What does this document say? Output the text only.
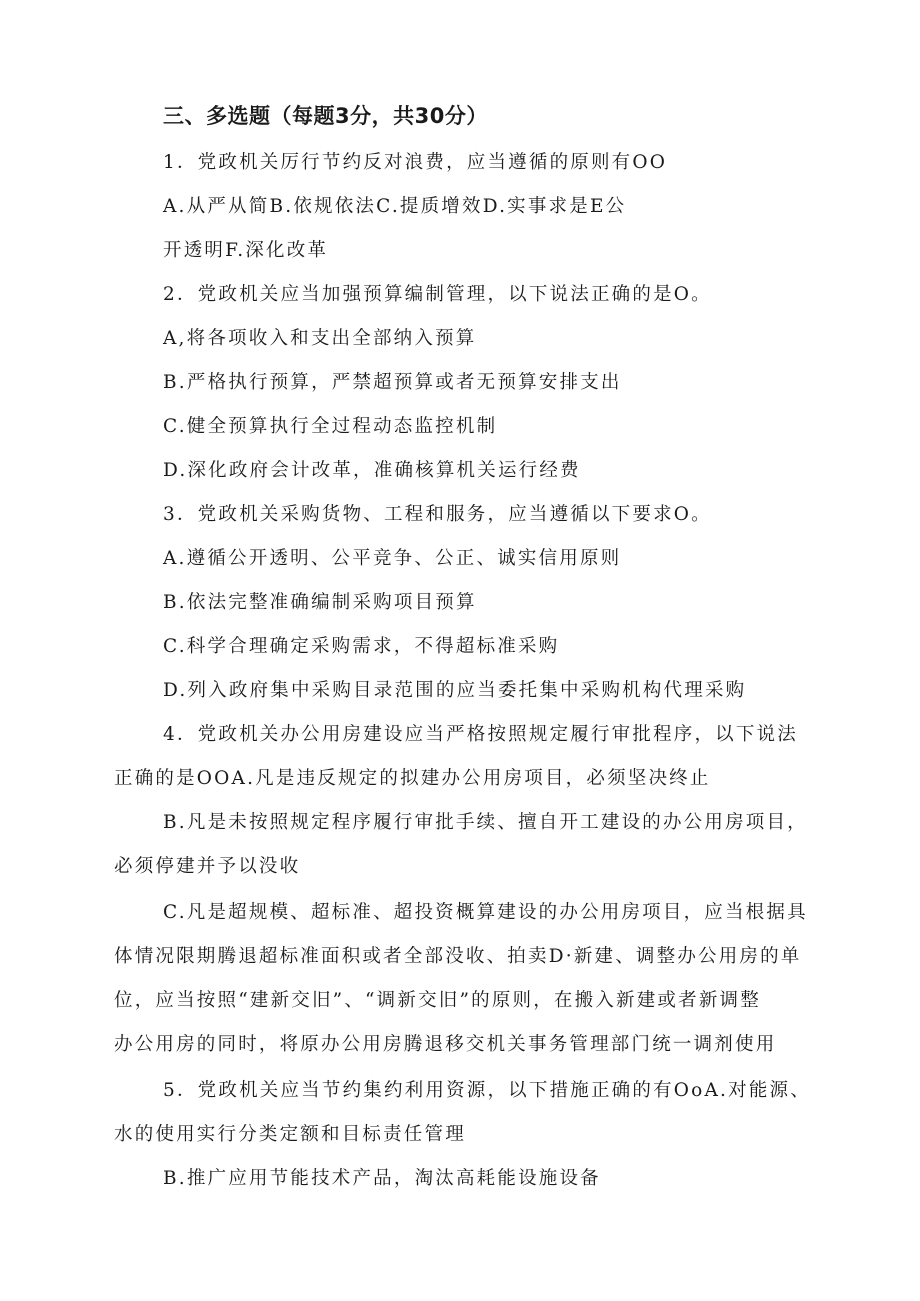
三、多选题（每题3分，共30分）
1．党政机关厉行节约反对浪费，应当遵循的原则有OO
A.从严从简B.依规依法C.提质增效D.实事求是E公
开透明F.深化改革
2．党政机关应当加强预算编制管理，以下说法正确的是O。
A,将各项收入和支出全部纳入预算
B.严格执行预算，严禁超预算或者无预算安排支出
C.健全预算执行全过程动态监控机制
D.深化政府会计改革，准确核算机关运行经费
3．党政机关采购货物、工程和服务，应当遵循以下要求O。
A.遵循公开透明、公平竞争、公正、诚实信用原则
B.依法完整准确编制采购项目预算
C.科学合理确定采购需求，不得超标准采购
D.列入政府集中采购目录范围的应当委托集中采购机构代理采购
4．党政机关办公用房建设应当严格按照规定履行审批程序，以下说法
正确的是OOA.凡是违反规定的拟建办公用房项目，必须坚决终止
B.凡是未按照规定程序履行审批手续、擅自开工建设的办公用房项目，
必须停建并予以没收
C.凡是超规模、超标准、超投资概算建设的办公用房项目，应当根据具
体情况限期腾退超标准面积或者全部没收、拍卖D·新建、调整办公用房的单
位，应当按照“建新交旧”、“调新交旧”的原则，在搬入新建或者新调整
办公用房的同时，将原办公用房腾退移交机关事务管理部门统一调剂使用
5．党政机关应当节约集约利用资源，以下措施正确的有OoA.对能源、
水的使用实行分类定额和目标责任管理
B.推广应用节能技术产品，淘汰高耗能设施设备
